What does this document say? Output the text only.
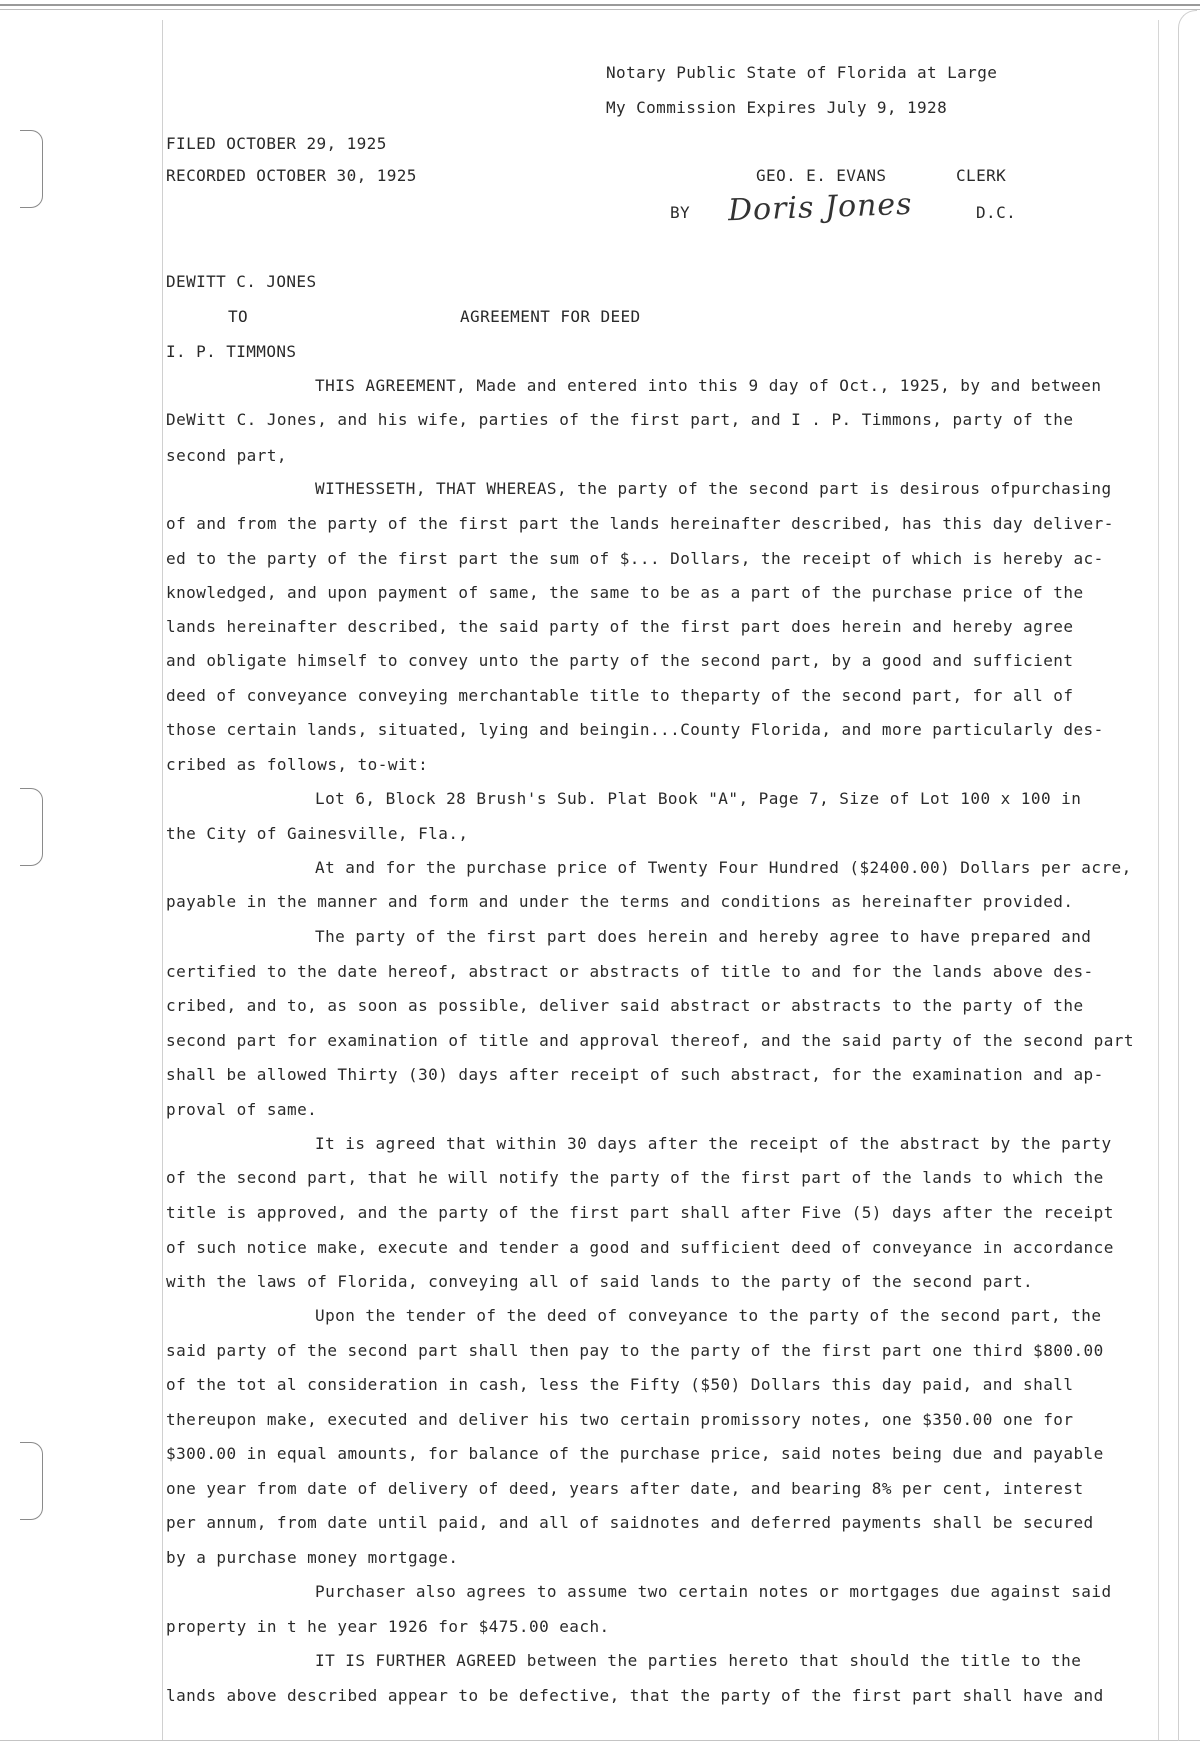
Notary Public State of Florida at Large
My Commission Expires July 9, 1928
FILED OCTOBER 29, 1925
RECORDED OCTOBER 30, 1925	GEO. E. EVANS	CLERK
BY Doris Jones	D.C.
DEWITT C. JONES
TO	AGREEMENT FOR DEED
I. P. TIMMONS
THIS AGREEMENT, Made and entered into this 9 day of Oct., 1925, by and between
DeWitt C. Jones, and his wife, parties of the first part, and I . P. Timmons, party of the
second part,
WITHESSETH, THAT WHEREAS, the party of the second part is desirous ofpurchasing
of and from the party of the first part the lands hereinafter described, has this day deliver-
ed to the party of the first part the sum of $... Dollars, the receipt of which is hereby ac-
knowledged, and upon payment of same, the same to be as a part of the purchase price of the
lands hereinafter described, the said party of the first part does herein and hereby agree
and obligate himself to convey unto the party of the second part, by a good and sufficient
deed of conveyance conveying merchantable title to theparty of the second part, for all of
those certain lands, situated, lying and beingin...County Florida, and more particularly des-
cribed as follows, to-wit:
Lot 6, Block 28 Brush's Sub. Plat Book "A", Page 7, Size of Lot 100 x 100 in
the City of Gainesville, Fla.,
At and for the purchase price of Twenty Four Hundred ($2400.00) Dollars per acre,
payable in the manner and form and under the terms and conditions as hereinafter provided.
The party of the first part does herein and hereby agree to have prepared and
certified to the date hereof, abstract or abstracts of title to and for the lands above des-
cribed, and to, as soon as possible, deliver said abstract or abstracts to the party of the
second part for examination of title and approval thereof, and the said party of the second part
shall be allowed Thirty (30) days after receipt of such abstract, for the examination and ap-
proval of same.
It is agreed that within 30 days after the receipt of the abstract by the party
of the second part, that he will notify the party of the first part of the lands to which the
title is approved, and the party of the first part shall after Five (5) days after the receipt
of such notice make, execute and tender a good and sufficient deed of conveyance in accordance
with the laws of Florida, conveying all of said lands to the party of the second part.
Upon the tender of the deed of conveyance to the party of the second part, the
said party of the second part shall then pay to the party of the first part one third $800.00
of the tot al consideration in cash, less the Fifty ($50) Dollars this day paid, and shall
thereupon make, executed and deliver his two certain promissory notes, one $350.00 one for
$300.00 in equal amounts, for balance of the purchase price, said notes being due and payable
one year from date of delivery of deed, years after date, and bearing 8% per cent, interest
per annum, from date until paid, and all of saidnotes and deferred payments shall be secured
by a purchase money mortgage.
Purchaser also agrees to assume two certain notes or mortgages due against said
property in t he year 1926 for $475.00 each.
IT IS FURTHER AGREED between the parties hereto that should the title to the
lands above described appear to be defective, that the party of the first part shall have and
